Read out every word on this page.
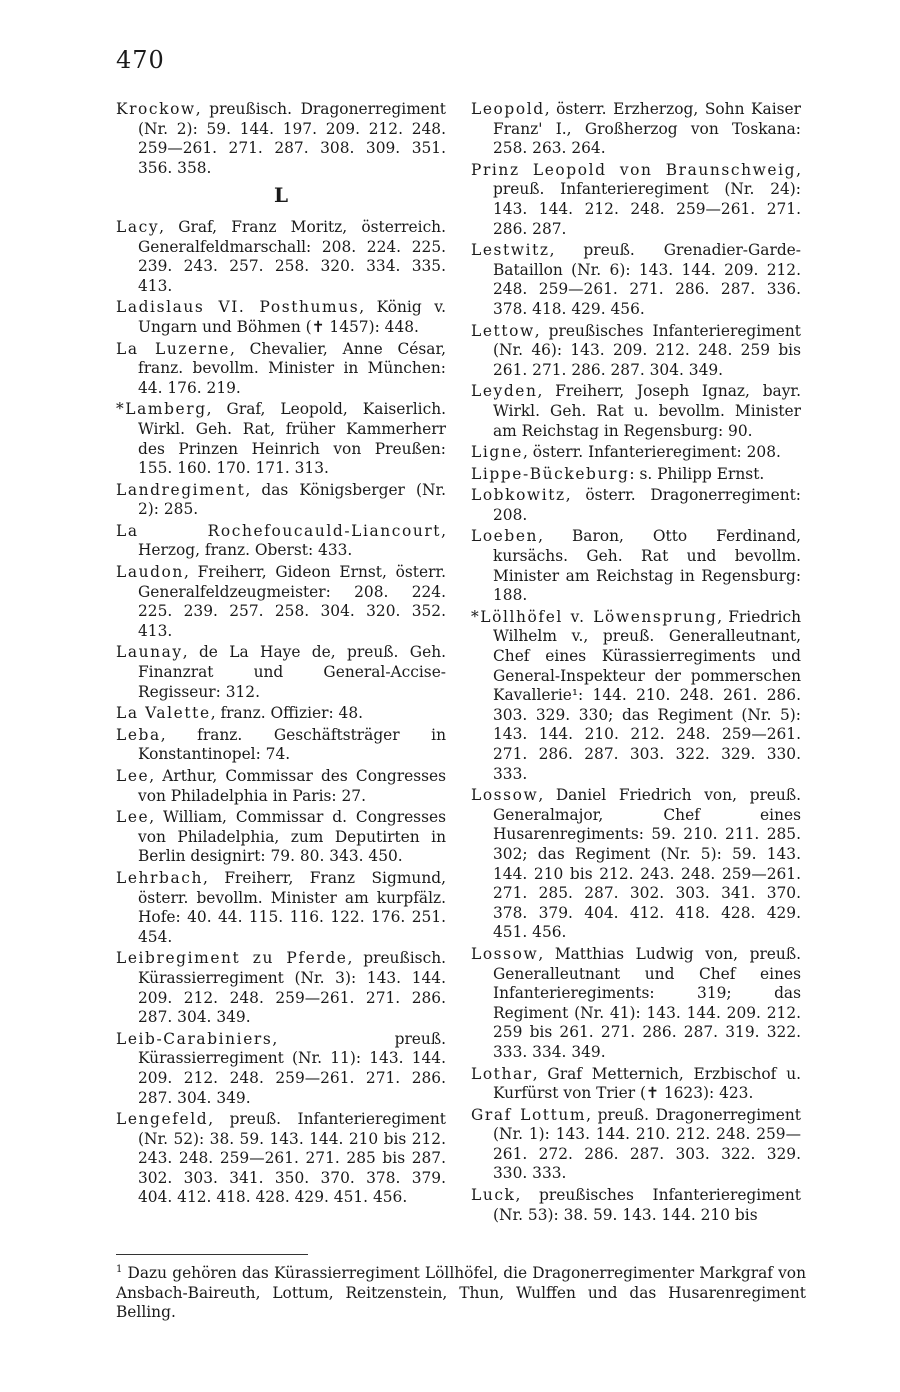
470

Krockow, preußisch. Dragonerregiment (Nr. 2): 59. 144. 197. 209. 212. 248. 259—261. 271. 287. 308. 309. 351. 356. 358.

L

Lacy, Graf, Franz Moritz, österreich. Generalfeldmarschall: 208. 224. 225. 239. 243. 257. 258. 320. 334. 335. 413.

Ladislaus VI. Posthumus, König v. Ungarn und Böhmen (✝ 1457): 448.

La Luzerne, Chevalier, Anne César, franz. bevollm. Minister in München: 44. 176. 219.

*Lamberg, Graf, Leopold, Kaiserlich. Wirkl. Geh. Rat, früher Kammerherr des Prinzen Heinrich von Preußen: 155. 160. 170. 171. 313.

Landregiment, das Königsberger (Nr. 2): 285.

La Rochefoucauld-Liancourt, Herzog, franz. Oberst: 433.

Laudon, Freiherr, Gideon Ernst, österr. Generalfeldzeugmeister: 208. 224. 225. 239. 257. 258. 304. 320. 352. 413.

Launay, de La Haye de, preuß. Geh. Finanzrat und General-Accise-Regisseur: 312.

La Valette, franz. Offizier: 48.

Leba, franz. Geschäftsträger in Konstantinopel: 74.

Lee, Arthur, Commissar des Congresses von Philadelphia in Paris: 27.

Lee, William, Commissar d. Congresses von Philadelphia, zum Deputirten in Berlin designirt: 79. 80. 343. 450.

Lehrbach, Freiherr, Franz Sigmund, österr. bevollm. Minister am kurpfälz. Hofe: 40. 44. 115. 116. 122. 176. 251. 454.

Leibregiment zu Pferde, preußisch. Kürassierregiment (Nr. 3): 143. 144. 209. 212. 248. 259—261. 271. 286. 287. 304. 349.

Leib-Carabiniers, preuß. Kürassierregiment (Nr. 11): 143. 144. 209. 212. 248. 259—261. 271. 286. 287. 304. 349.

Lengefeld, preuß. Infanterieregiment (Nr. 52): 38. 59. 143. 144. 210 bis 212. 243. 248. 259—261. 271. 285 bis 287. 302. 303. 341. 350. 370. 378. 379. 404. 412. 418. 428. 429. 451. 456.

Leopold, österr. Erzherzog, Sohn Kaiser Franz' I., Großherzog von Toskana: 258. 263. 264.

Prinz Leopold von Braunschweig, preuß. Infanterieregiment (Nr. 24): 143. 144. 212. 248. 259—261. 271. 286. 287.

Lestwitz, preuß. Grenadier-Garde-Bataillon (Nr. 6): 143. 144. 209. 212. 248. 259—261. 271. 286. 287. 336. 378. 418. 429. 456.

Lettow, preußisches Infanterieregiment (Nr. 46): 143. 209. 212. 248. 259 bis 261. 271. 286. 287. 304. 349.

Leyden, Freiherr, Joseph Ignaz, bayr. Wirkl. Geh. Rat u. bevollm. Minister am Reichstag in Regensburg: 90.

Ligne, österr. Infanterieregiment: 208.

Lippe-Bückeburg: s. Philipp Ernst.

Lobkowitz, österr. Dragonerregiment: 208.

Loeben, Baron, Otto Ferdinand, kursächs. Geh. Rat und bevollm. Minister am Reichstag in Regensburg: 188.

*Löllhöfel v. Löwensprung, Friedrich Wilhelm v., preuß. Generalleutnant, Chef eines Kürassierregiments und General-Inspekteur der pommerschen Kavallerie¹: 144. 210. 248. 261. 286. 303. 329. 330; das Regiment (Nr. 5): 143. 144. 210. 212. 248. 259—261. 271. 286. 287. 303. 322. 329. 330. 333.

Lossow, Daniel Friedrich von, preuß. Generalmajor, Chef eines Husarenregiments: 59. 210. 211. 285. 302; das Regiment (Nr. 5): 59. 143. 144. 210 bis 212. 243. 248. 259—261. 271. 285. 287. 302. 303. 341. 370. 378. 379. 404. 412. 418. 428. 429. 451. 456.

Lossow, Matthias Ludwig von, preuß. Generalleutnant und Chef eines Infanterieregiments: 319; das Regiment (Nr. 41): 143. 144. 209. 212. 259 bis 261. 271. 286. 287. 319. 322. 333. 334. 349.

Lothar, Graf Metternich, Erzbischof u. Kurfürst von Trier (✝ 1623): 423.

Graf Lottum, preuß. Dragonerregiment (Nr. 1): 143. 144. 210. 212. 248. 259—261. 272. 286. 287. 303. 322. 329. 330. 333.

Luck, preußisches Infanterieregiment (Nr. 53): 38. 59. 143. 144. 210 bis

$^1$ Dazu gehören das Kürassierregiment Löllhöfel, die Dragonerregimenter Markgraf von Ansbach-Baireuth, Lottum, Reitzenstein, Thun, Wulffen und das Husarenregiment Belling.
